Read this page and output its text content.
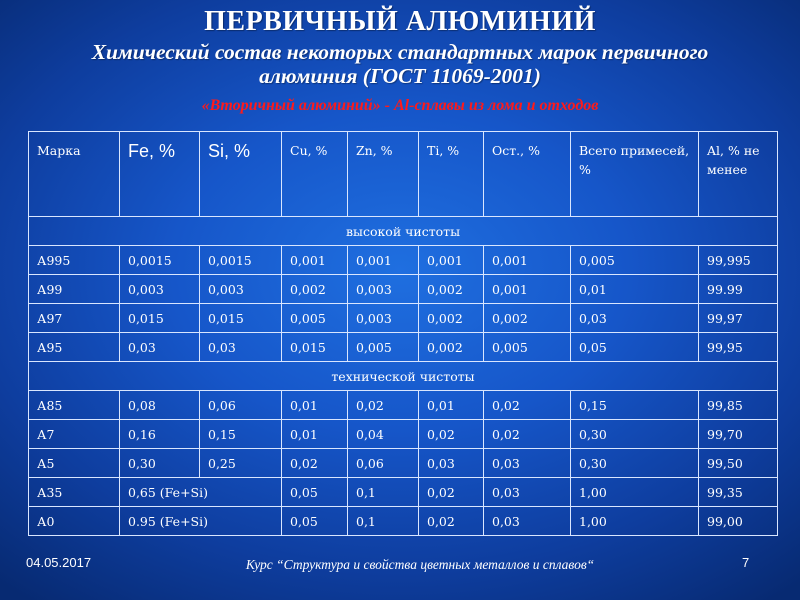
ПЕРВИЧНЫЙ АЛЮМИНИЙ
Химический состав некоторых стандартных марок первичного
алюминия (ГОСТ 11069-2001)
«Вторичный алюминий» - Al-сплавы из лома и отходов
Марка	Fe, %	Si, %	Cu, %	Zn, %	Ti, %	Ост., %	Всего примесей, %	Al, % не менее
высокой чистоты								
А995	0,0015	0,0015	0,001	0,001	0,001	0,001	0,005	99,995
А99	0,003	0,003	0,002	0,003	0,002	0,001	0,01	99.99
А97	0,015	0,015	0,005	0,003	0,002	0,002	0,03	99,97
А95	0,03	0,03	0,015	0,005	0,002	0,005	0,05	99,95
технической чистоты								
А85	0,08	0,06	0,01	0,02	0,01	0,02	0,15	99,85
А7	0,16	0,15	0,01	0,04	0,02	0,02	0,30	99,70
А5	0,30	0,25	0,02	0,06	0,03	0,03	0,30	99,50
А35	0,65 (Fe+Si)		0,05	0,1	0,02	0,03	1,00	99,35
А0	0.95 (Fe+Si)		0,05	0,1	0,02	0,03	1,00	99,00
04.05.2017	Курс “Структура и свойства цветных металлов и сплавов“	7
